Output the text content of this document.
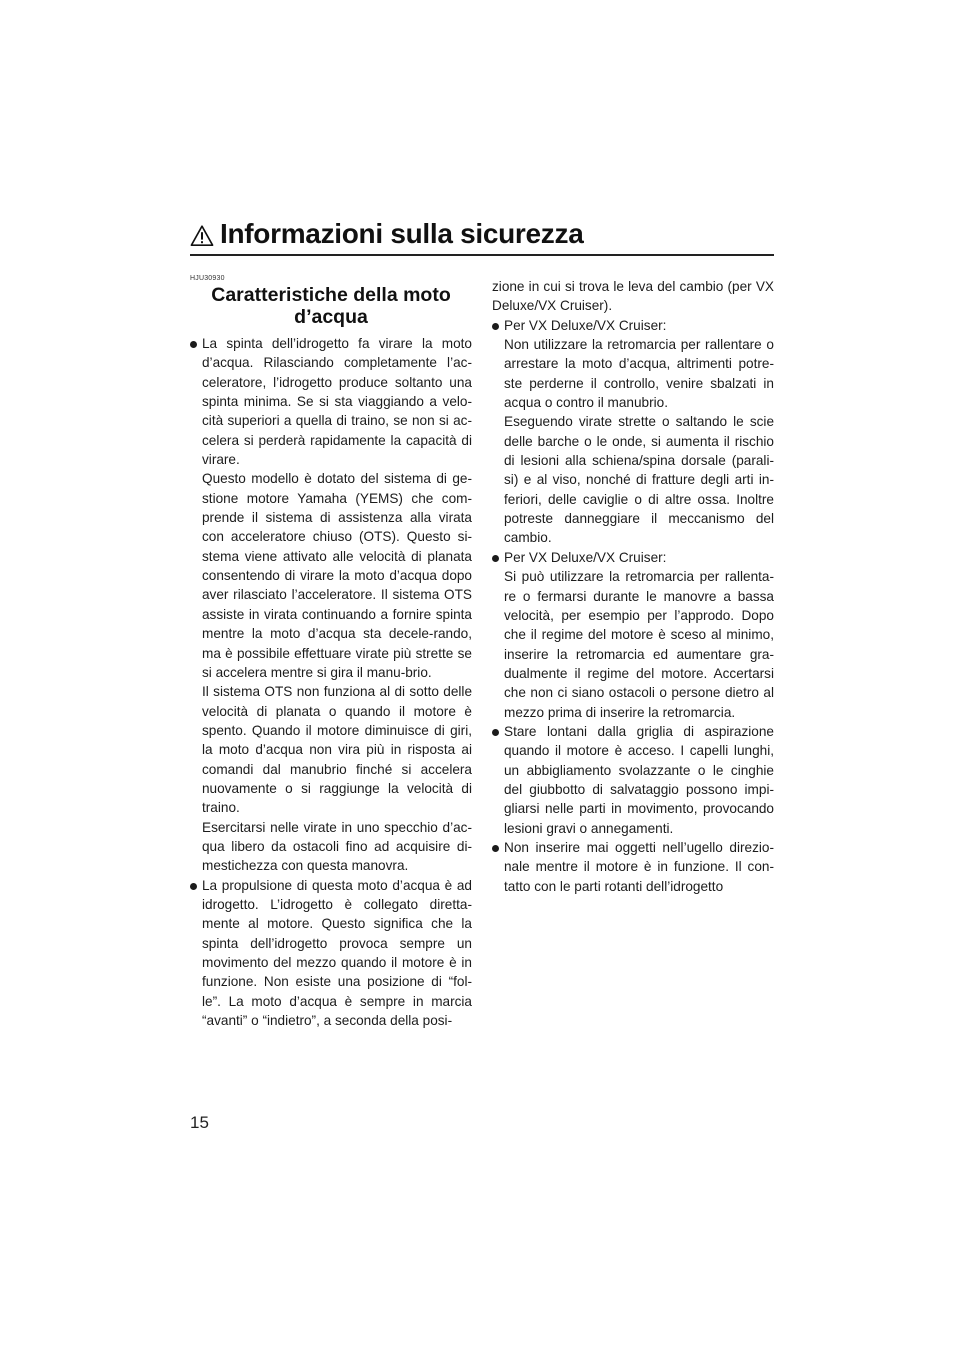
Informazioni sulla sicurezza
HJU30930
Caratteristiche della moto
d’acqua

La spinta dell’idrogetto fa virare la moto d’acqua. Rilasciando completamente l’ac-celeratore, l’idrogetto produce soltanto una spinta minima. Se si sta viaggiando a velo-cità superiori a quella di traino, se non si ac-celera si perderà rapidamente la capacità di virare.

Questo modello è dotato del sistema di ge-stione motore Yamaha (YEMS) che com-prende il sistema di assistenza alla virata con acceleratore chiuso (OTS). Questo si-stema viene attivato alle velocità di planata consentendo di virare la moto d’acqua dopo aver rilasciato l’acceleratore. Il sistema OTS assiste in virata continuando a fornire spinta mentre la moto d’acqua sta decele-rando, ma è possibile effettuare virate più strette se si accelera mentre si gira il manu-brio.

Il sistema OTS non funziona al di sotto delle velocità di planata o quando il motore è spento. Quando il motore diminuisce di giri, la moto d’acqua non vira più in risposta ai comandi dal manubrio finché si accelera nuovamente o si raggiunge la velocità di traino.

Esercitarsi nelle virate in uno specchio d’ac-qua libero da ostacoli fino ad acquisire di-mestichezza con questa manovra.

La propulsione di questa moto d’acqua è ad idrogetto. L’idrogetto è collegato diretta-mente al motore. Questo significa che la spinta dell’idrogetto provoca sempre un movimento del mezzo quando il motore è in funzione. Non esiste una posizione di “fol-le”. La moto d’acqua è sempre in marcia “avanti” o “indietro”, a seconda della posi-

zione in cui si trova le leva del cambio (per VX Deluxe/VX Cruiser).

Per VX Deluxe/VX Cruiser:

Non utilizzare la retromarcia per rallentare o arrestare la moto d’acqua, altrimenti potre-ste perderne il controllo, venire sbalzati in acqua o contro il manubrio.

Eseguendo virate strette o saltando le scie delle barche o le onde, si aumenta il rischio di lesioni alla schiena/spina dorsale (parali-si) e al viso, nonché di fratture degli arti in-feriori, delle caviglie o di altre ossa. Inoltre potreste danneggiare il meccanismo del cambio.

Per VX Deluxe/VX Cruiser:

Si può utilizzare la retromarcia per rallenta-re o fermarsi durante le manovre a bassa velocità, per esempio per l’approdo. Dopo che il regime del motore è sceso al minimo, inserire la retromarcia ed aumentare gra-dualmente il regime del motore. Accertarsi che non ci siano ostacoli o persone dietro al mezzo prima di inserire la retromarcia.

Stare lontani dalla griglia di aspirazione quando il motore è acceso. I capelli lunghi, un abbigliamento svolazzante o le cinghie del giubbotto di salvataggio possono impi-gliarsi nelle parti in movimento, provocando lesioni gravi o annegamenti.

Non inserire mai oggetti nell’ugello direzio-nale mentre il motore è in funzione. Il con-tatto con le parti rotanti dell’idrogetto

15
